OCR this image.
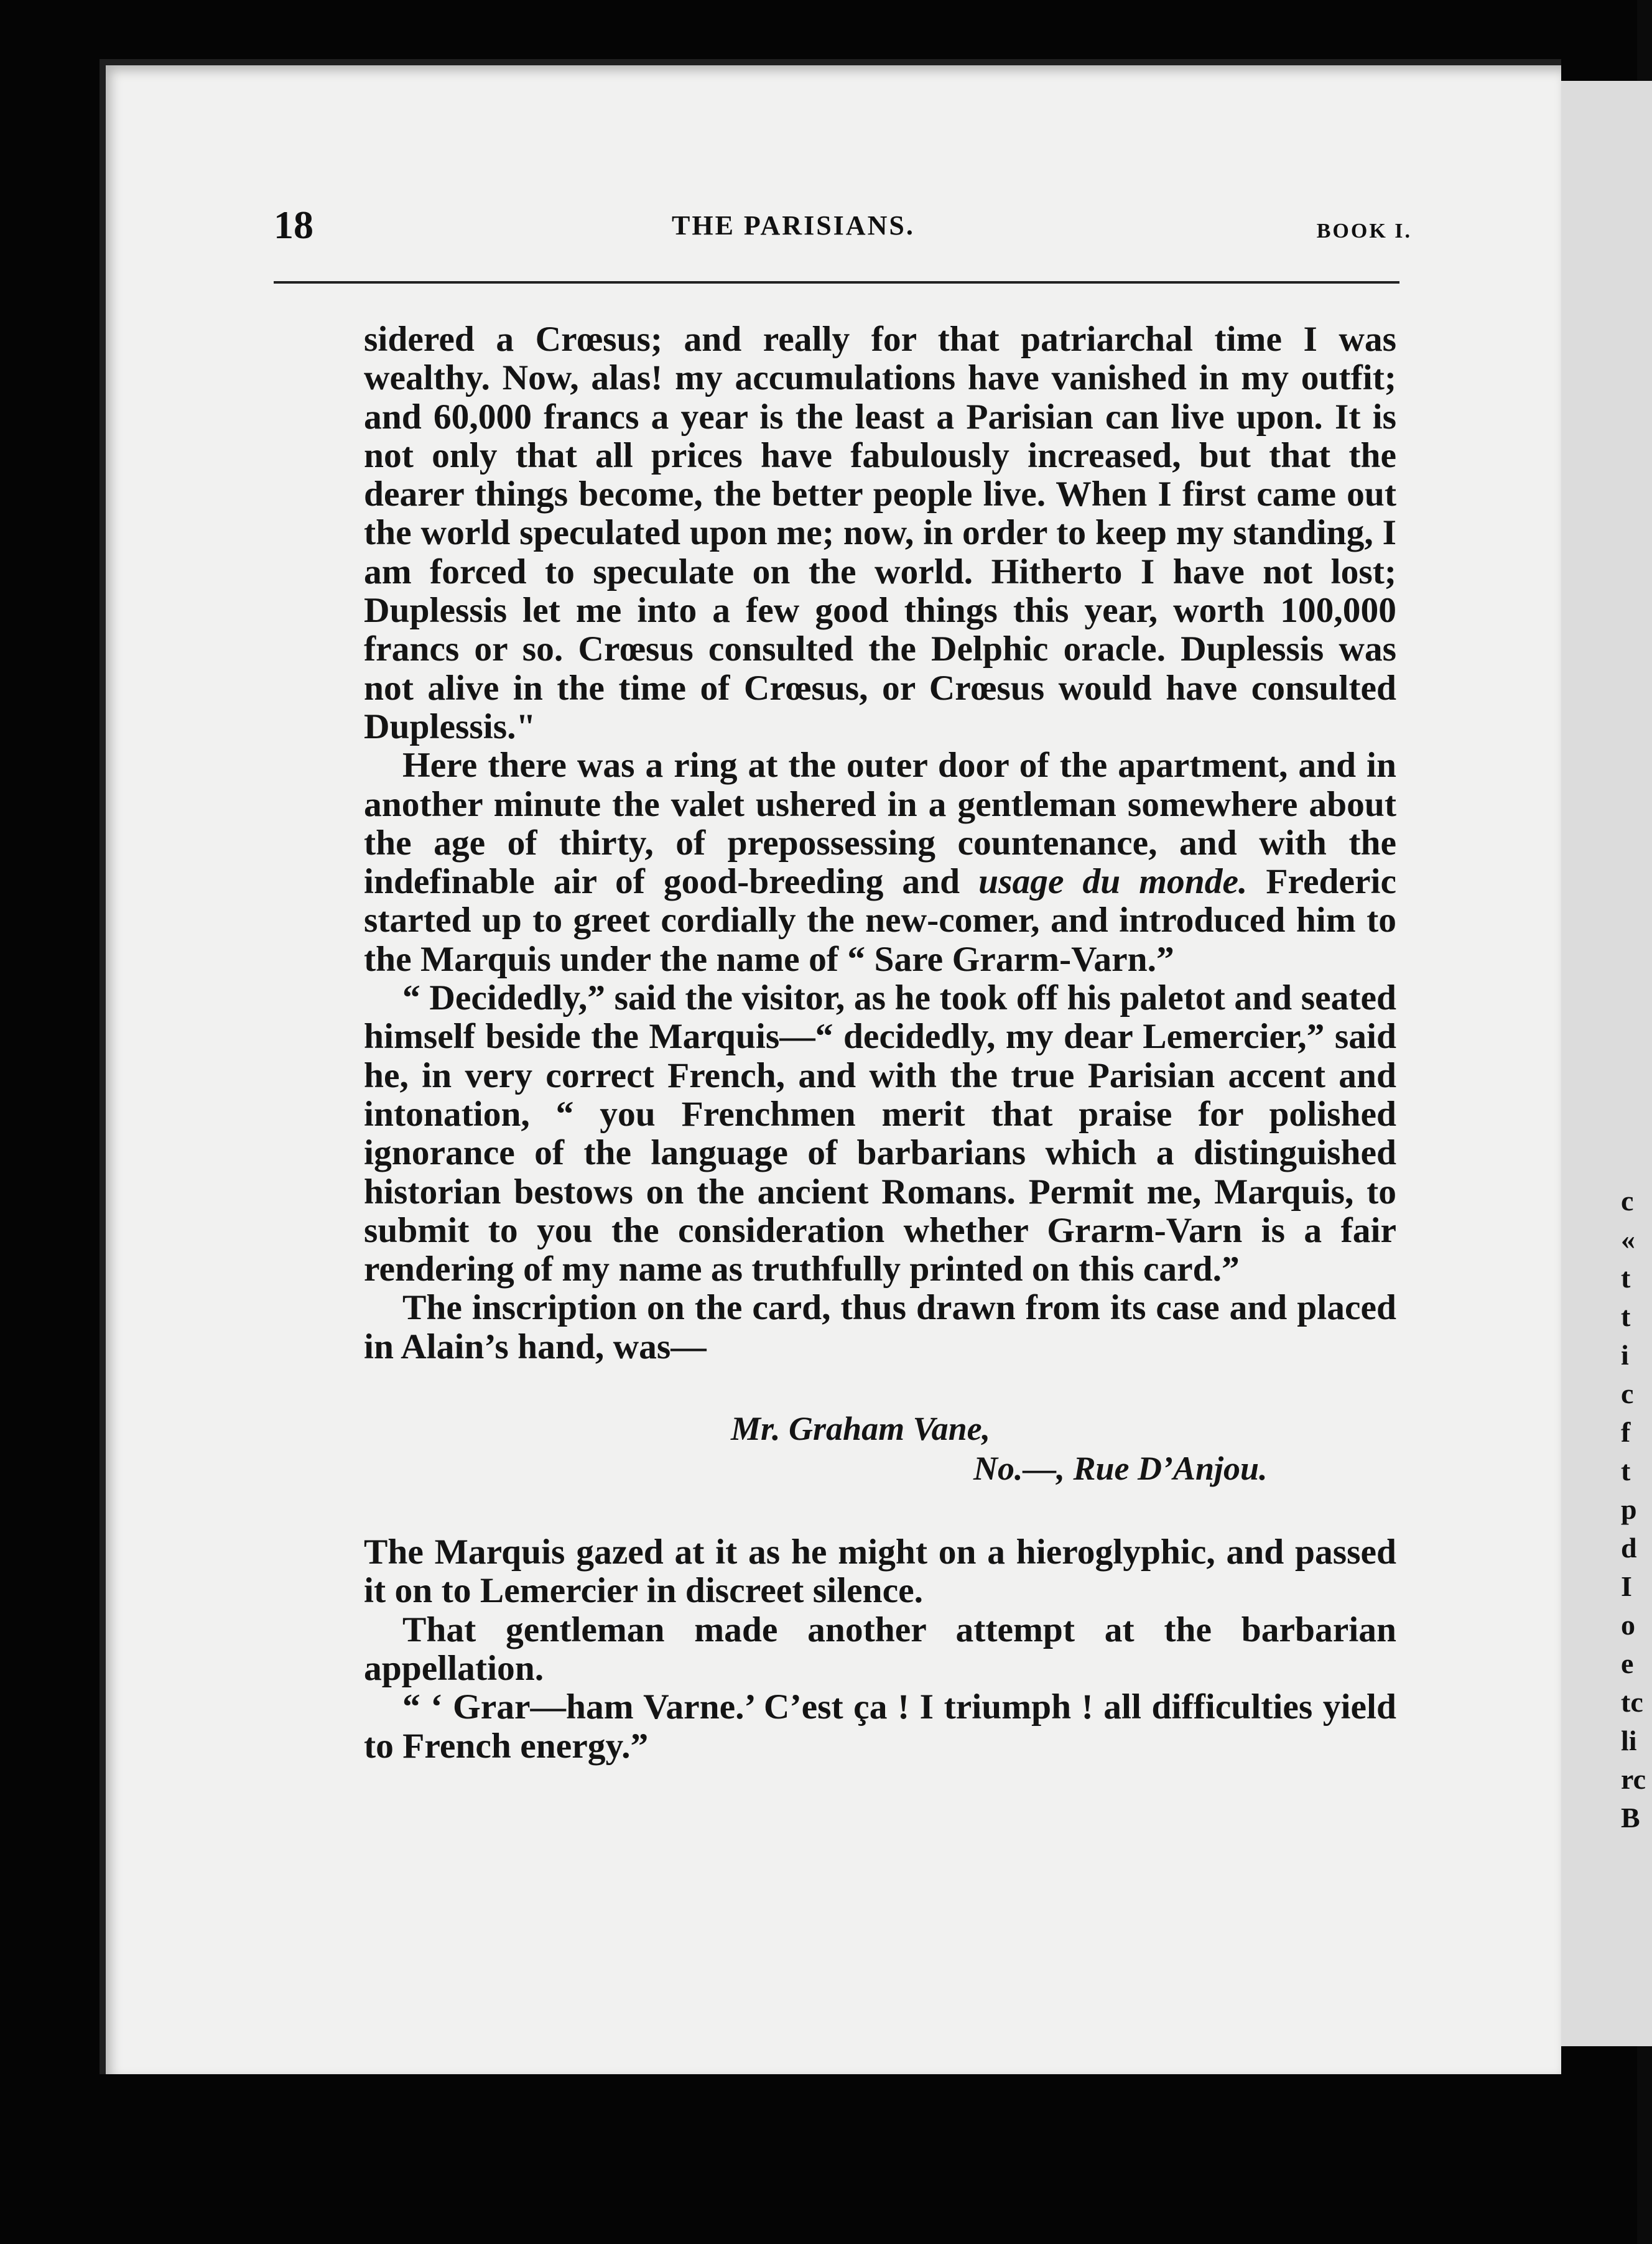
c
«
t
t
i
c
f
t
p
d
I
o
e
tc
li
rc
B
18	THE PARISIANS.	BOOK I.

sidered a Crœsus; and really for that patriarchal time I was wealthy. Now, alas! my accumulations have vanished in my outfit; and 60,000 francs a year is the least a Parisian can live upon. It is not only that all prices have fabulously increased, but that the dearer things become, the better people live. When I first came out the world speculated upon me; now, in order to keep my standing, I am forced to speculate on the world. Hitherto I have not lost; Duplessis let me into a few good things this year, worth 100,000 francs or so. Crœsus consulted the Delphic oracle. Duplessis was not alive in the time of Crœsus, or Crœsus would have consulted Duplessis."

Here there was a ring at the outer door of the apartment, and in another minute the valet ushered in a gentleman somewhere about the age of thirty, of prepossessing countenance, and with the indefinable air of good-breeding and usage du monde. Frederic started up to greet cordially the new-comer, and introduced him to the Marquis under the name of “ Sare Grarm-Varn.”

“ Decidedly,” said the visitor, as he took off his paletot and seated himself beside the Marquis—“ decidedly, my dear Lemercier,” said he, in very correct French, and with the true Parisian accent and intonation, “ you Frenchmen merit that praise for polished ignorance of the language of barbarians which a distinguished historian bestows on the ancient Romans. Permit me, Marquis, to submit to you the consideration whether Grarm-Varn is a fair rendering of my name as truthfully printed on this card.”

The inscription on the card, thus drawn from its case and placed in Alain’s hand, was—

Mr. Graham Vane,
No.—, Rue D’Anjou.

The Marquis gazed at it as he might on a hieroglyphic, and passed it on to Lemercier in discreet silence.

That gentleman made another attempt at the barbarian appellation.

“ ‘ Grar—ham Varne.’ C’est ça ! I triumph ! all difficulties yield to French energy.”
